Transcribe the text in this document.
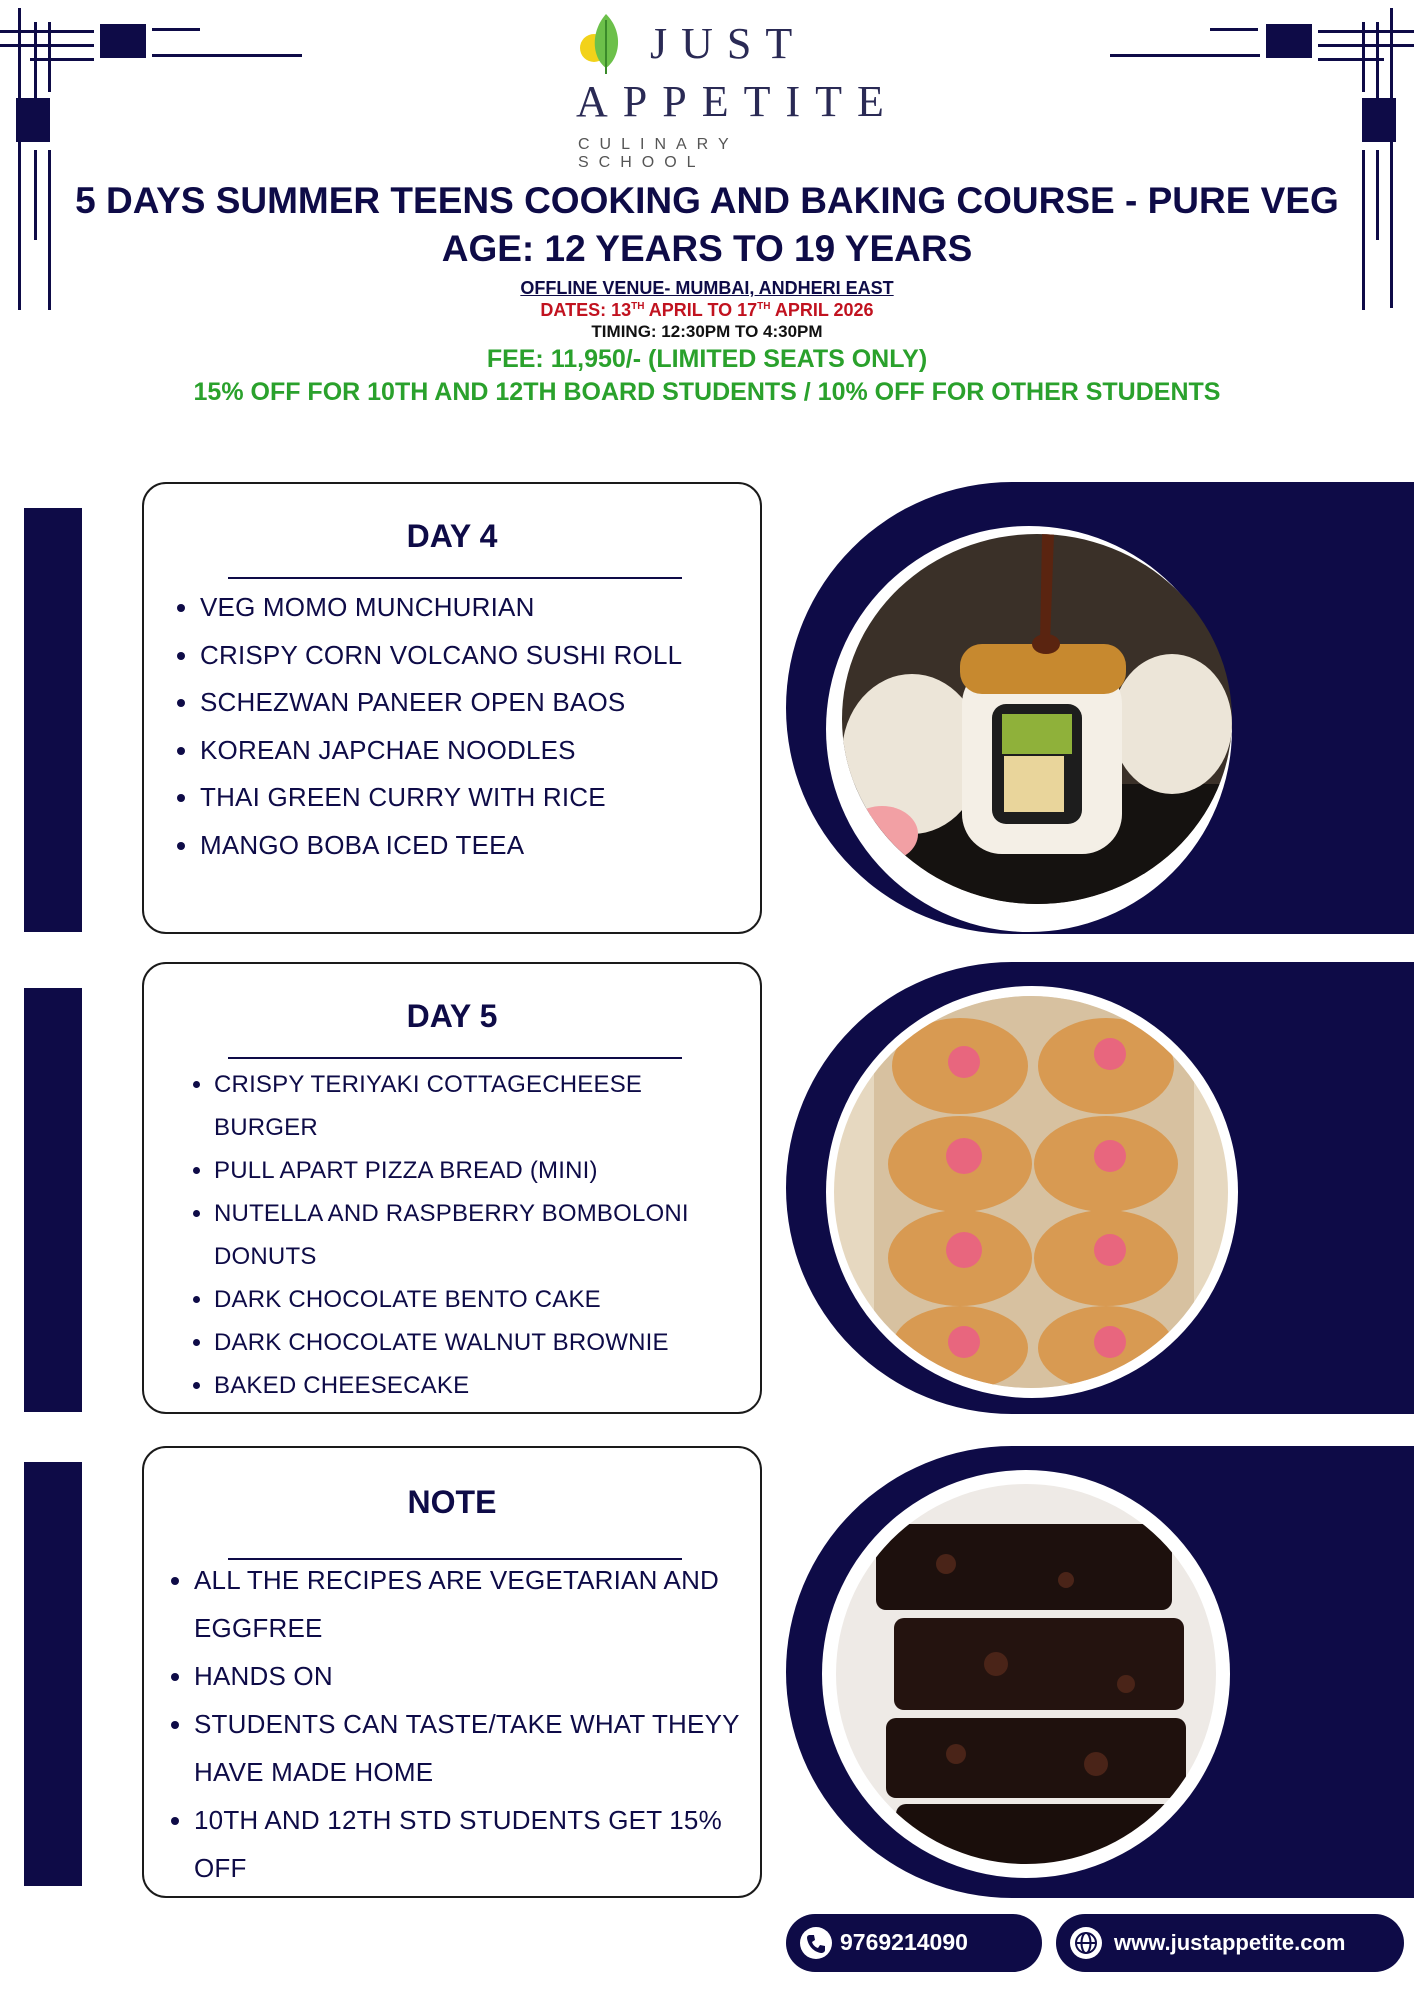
JUST
APPETITE
CULINARY SCHOOL
5 DAYS SUMMER TEENS COOKING AND BAKING COURSE - PURE VEG
AGE: 12 YEARS TO 19 YEARS
OFFLINE VENUE- MUMBAI, ANDHERI EAST
DATES: 13TH APRIL TO 17TH APRIL 2026
TIMING: 12:30PM TO 4:30PM
FEE: 11,950/- (LIMITED SEATS ONLY)
15% OFF FOR 10TH AND 12TH BOARD STUDENTS / 10% OFF FOR OTHER STUDENTS
DAY 4
• VEG MOMO MUNCHURIAN
• CRISPY CORN VOLCANO SUSHI ROLL
• SCHEZWAN PANEER OPEN BAOS
• KOREAN JAPCHAE NOODLES
• THAI GREEN CURRY WITH RICE
• MANGO BOBA ICED TEEA
DAY 5
• CRISPY TERIYAKI COTTAGECHEESE BURGER
• PULL APART PIZZA BREAD (MINI)
• NUTELLA AND RASPBERRY BOMBOLONI DONUTS
• DARK CHOCOLATE BENTO CAKE
• DARK CHOCOLATE WALNUT BROWNIE
• BAKED CHEESECAKE
NOTE
• ALL THE RECIPES ARE VEGETARIAN AND EGGFREE
• HANDS ON
• STUDENTS CAN TASTE/TAKE WHAT THEYY HAVE MADE HOME
• 10TH AND 12TH STD STUDENTS GET 15% OFF
9769214090	www.justappetite.com
